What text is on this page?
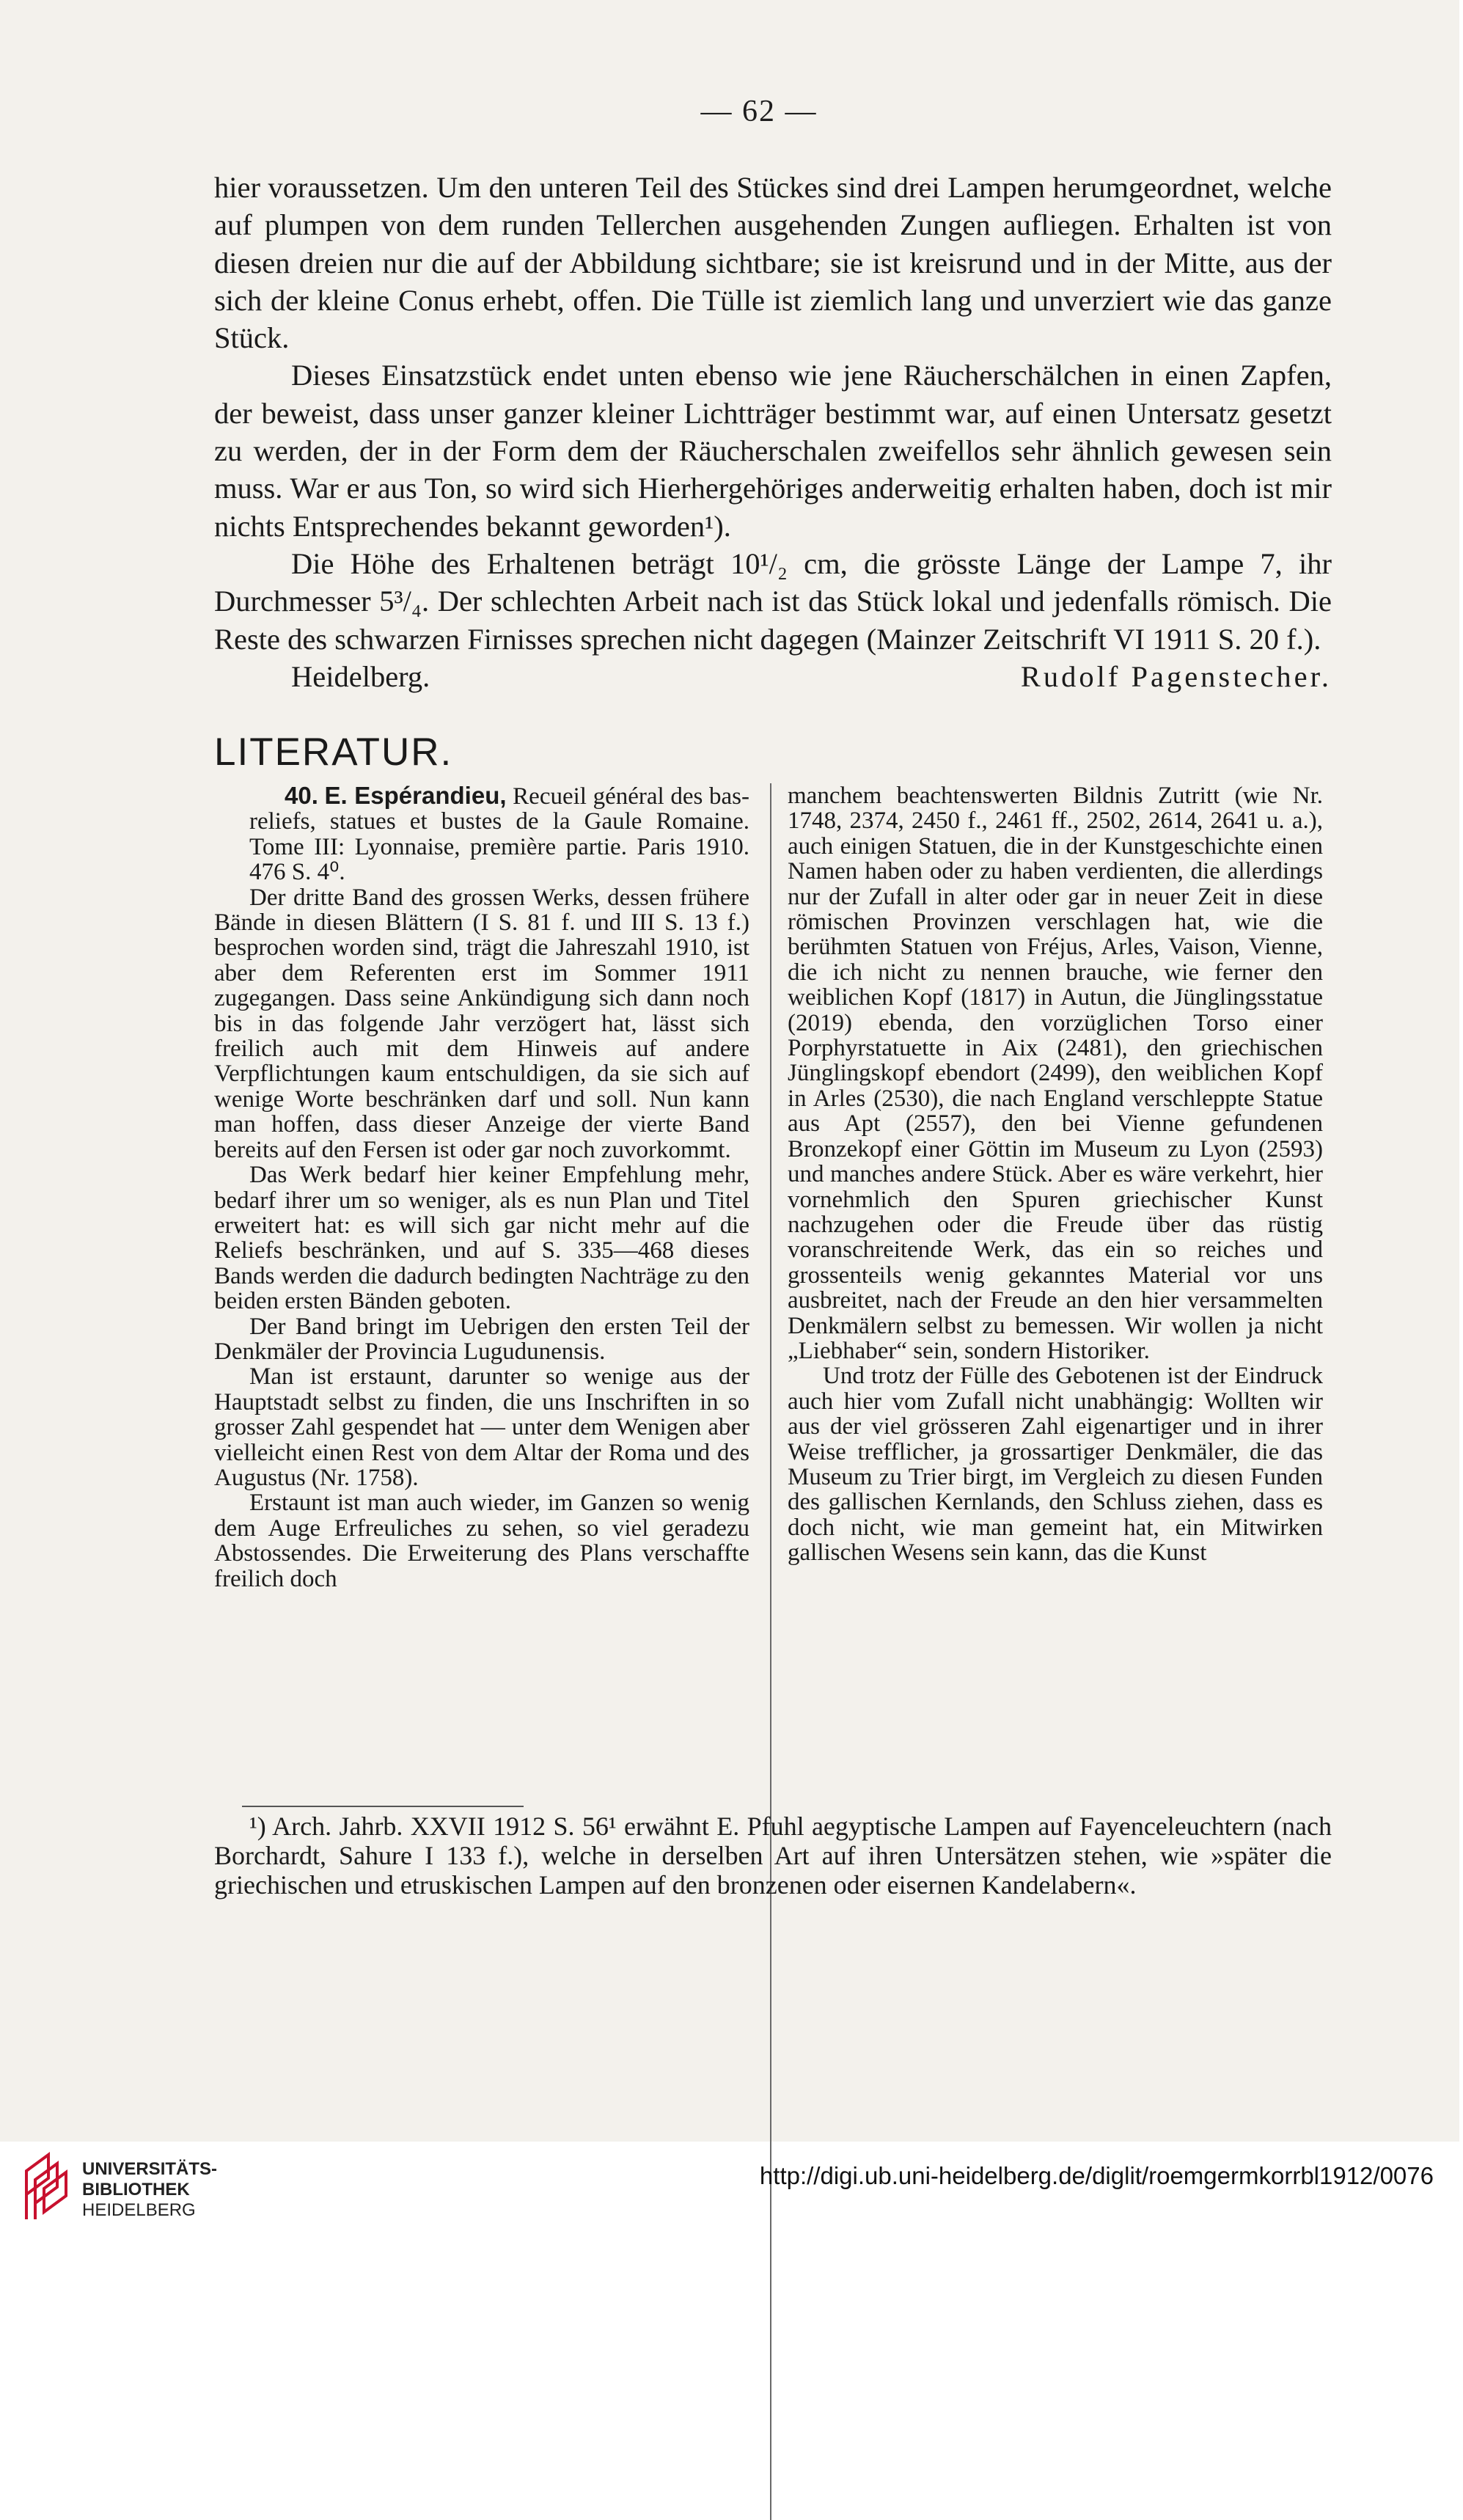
— 62 —

hier voraussetzen. Um den unteren Teil des Stückes sind drei Lampen herumgeordnet, welche auf plumpen von dem runden Tellerchen ausgehenden Zungen aufliegen. Erhalten ist von diesen dreien nur die auf der Abbildung sichtbare; sie ist kreisrund und in der Mitte, aus der sich der kleine Conus erhebt, offen. Die Tülle ist ziemlich lang und unverziert wie das ganze Stück.

Dieses Einsatzstück endet unten ebenso wie jene Räucherschälchen in einen Zapfen, der beweist, dass unser ganzer kleiner Lichtträger bestimmt war, auf einen Untersatz gesetzt zu werden, der in der Form dem der Räucherschalen zweifellos sehr ähnlich gewesen sein muss. War er aus Ton, so wird sich Hierhergehöriges anderweitig erhalten haben, doch ist mir nichts Entsprechendes bekannt geworden¹).

Die Höhe des Erhaltenen beträgt 10¹/₂ cm, die grösste Länge der Lampe 7, ihr Durchmesser 5³/₄. Der schlechten Arbeit nach ist das Stück lokal und jedenfalls römisch. Die Reste des schwarzen Firnisses sprechen nicht dagegen (Mainzer Zeitschrift VI 1911 S. 20 f.).

Heidelberg.	Rudolf Pagenstecher.
LITERATUR.

40. E. Espérandieu, Recueil général des bas-reliefs, statues et bustes de la Gaule Romaine. Tome III: Lyonnaise, première partie. Paris 1910. 476 S. 4⁰.

Der dritte Band des grossen Werks, dessen frühere Bände in diesen Blättern (I S. 81 f. und III S. 13 f.) besprochen worden sind, trägt die Jahreszahl 1910, ist aber dem Referenten erst im Sommer 1911 zugegangen. Dass seine Ankündigung sich dann noch bis in das folgende Jahr verzögert hat, lässt sich freilich auch mit dem Hinweis auf andere Verpflichtungen kaum entschuldigen, da sie sich auf wenige Worte beschränken darf und soll. Nun kann man hoffen, dass dieser Anzeige der vierte Band bereits auf den Fersen ist oder gar noch zuvorkommt.

Das Werk bedarf hier keiner Empfehlung mehr, bedarf ihrer um so weniger, als es nun Plan und Titel erweitert hat: es will sich gar nicht mehr auf die Reliefs beschränken, und auf S. 335—468 dieses Bands werden die dadurch bedingten Nachträge zu den beiden ersten Bänden geboten.

Der Band bringt im Uebrigen den ersten Teil der Denkmäler der Provincia Lugudunensis.

Man ist erstaunt, darunter so wenige aus der Hauptstadt selbst zu finden, die uns Inschriften in so grosser Zahl gespendet hat — unter dem Wenigen aber vielleicht einen Rest von dem Altar der Roma und des Augustus (Nr. 1758).

Erstaunt ist man auch wieder, im Ganzen so wenig dem Auge Erfreuliches zu sehen, so viel geradezu Abstossendes. Die Erweiterung des Plans verschaffte freilich doch

manchem beachtenswerten Bildnis Zutritt (wie Nr. 1748, 2374, 2450 f., 2461 ff., 2502, 2614, 2641 u. a.), auch einigen Statuen, die in der Kunstgeschichte einen Namen haben oder zu haben verdienten, die allerdings nur der Zufall in alter oder gar in neuer Zeit in diese römischen Provinzen verschlagen hat, wie die berühmten Statuen von Fréjus, Arles, Vaison, Vienne, die ich nicht zu nennen brauche, wie ferner den weiblichen Kopf (1817) in Autun, die Jünglingsstatue (2019) ebenda, den vorzüglichen Torso einer Porphyrstatuette in Aix (2481), den griechischen Jünglingskopf ebendort (2499), den weiblichen Kopf in Arles (2530), die nach England verschleppte Statue aus Apt (2557), den bei Vienne gefundenen Bronzekopf einer Göttin im Museum zu Lyon (2593) und manches andere Stück. Aber es wäre verkehrt, hier vornehmlich den Spuren griechischer Kunst nachzugehen oder die Freude über das rüstig voranschreitende Werk, das ein so reiches und grossenteils wenig gekanntes Material vor uns ausbreitet, nach der Freude an den hier versammelten Denkmälern selbst zu bemessen. Wir wollen ja nicht „Liebhaber“ sein, sondern Historiker.

Und trotz der Fülle des Gebotenen ist der Eindruck auch hier vom Zufall nicht unabhängig: Wollten wir aus der viel grösseren Zahl eigenartiger und in ihrer Weise trefflicher, ja grossartiger Denkmäler, die das Museum zu Trier birgt, im Vergleich zu diesen Funden des gallischen Kernlands, den Schluss ziehen, dass es doch nicht, wie man gemeint hat, ein Mitwirken gallischen Wesens sein kann, das die Kunst

¹) Arch. Jahrb. XXVII 1912 S. 56¹ erwähnt E. Pfuhl aegyptische Lampen auf Fayenceleuchtern (nach Borchardt, Sahure I 133 f.), welche in derselben Art auf ihren Untersätzen stehen, wie »später die griechischen und etruskischen Lampen auf den bronzenen oder eisernen Kandelabern«.

UNIVERSITÄTS-
BIBLIOTHEK
HEIDELBERG
http://digi.ub.uni-heidelberg.de/diglit/roemgermkorrbl1912/0076
